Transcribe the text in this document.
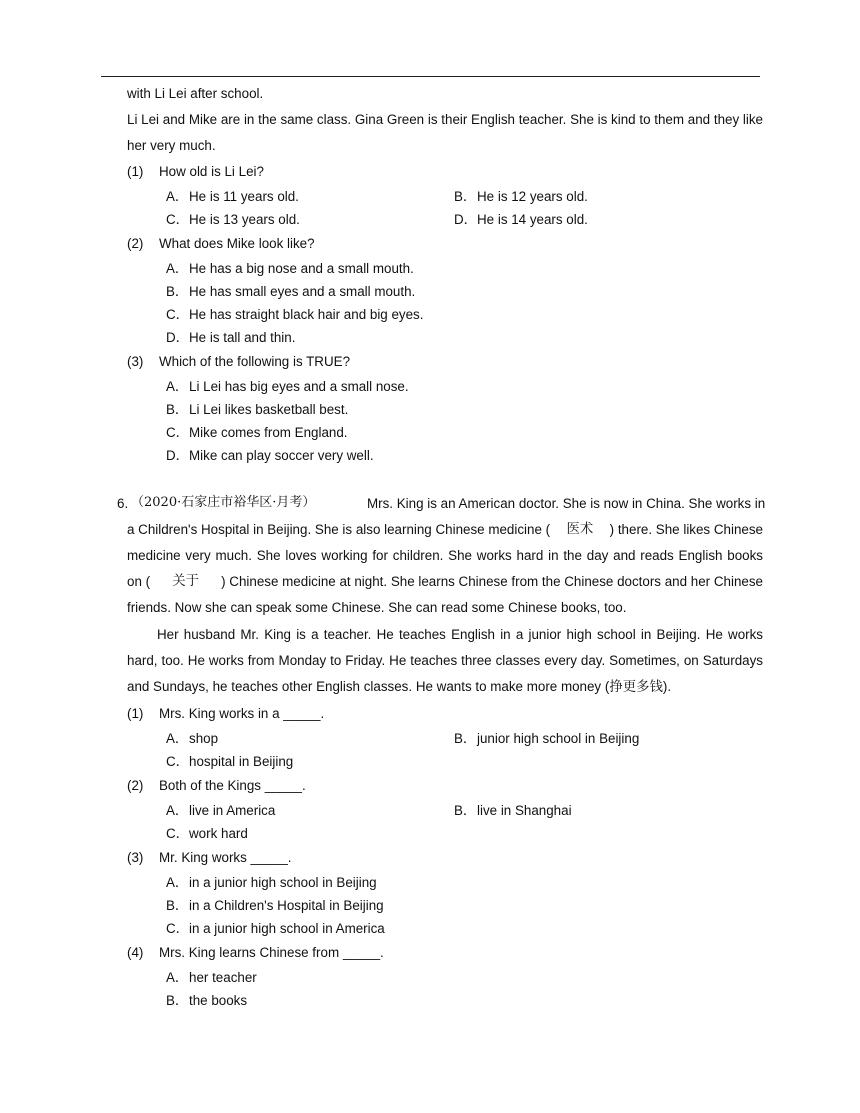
with Li Lei after school.
Li Lei and Mike are in the same class. Gina Green is their English teacher. She is kind to them and they like
her very much.
(1) How old is Li Lei?
A． He is 11 years old.	B． He is 12 years old.
C． He is 13 years old.	D． He is 14 years old.
(2) What does Mike look like?
A． He has a big nose and a small mouth.
B． He has small eyes and a small mouth.
C． He has straight black hair and big eyes.
D． He is tall and thin.
(3) Which of the following is TRUE?
A． Li Lei has big eyes and a small nose.
B． Li Lei likes basketball best.
C． Mike comes from England.
D． Mike can play soccer very well.
6. （2020·石家庄市裕华区·月考）	Mrs. King is an American doctor. She is now in China. She works in
a Children's Hospital in Beijing. She is also learning Chinese medicine ( 医术 ) there. She likes Chinese
medicine very much. She loves working for children. She works hard in the day and reads English books
on ( 关于 ) Chinese medicine at night. She learns Chinese from the Chinese doctors and her Chinese
friends. Now she can speak some Chinese. She can read some Chinese books, too.
Her husband Mr. King is a teacher. He teaches English in a junior high school in Beijing. He works
hard, too. He works from Monday to Friday. He teaches three classes every day. Sometimes, on Saturdays
and Sundays, he teaches other English classes. He wants to make more money (挣更多钱).
(1) Mrs. King works in a _____.
A． shop	B． junior high school in Beijing
C． hospital in Beijing
(2) Both of the Kings _____.
A． live in America	B． live in Shanghai
C． work hard
(3) Mr. King works _____.
A． in a junior high school in Beijing
B． in a Children's Hospital in Beijing
C． in a junior high school in America
(4) Mrs. King learns Chinese from _____.
A． her teacher
B． the books
